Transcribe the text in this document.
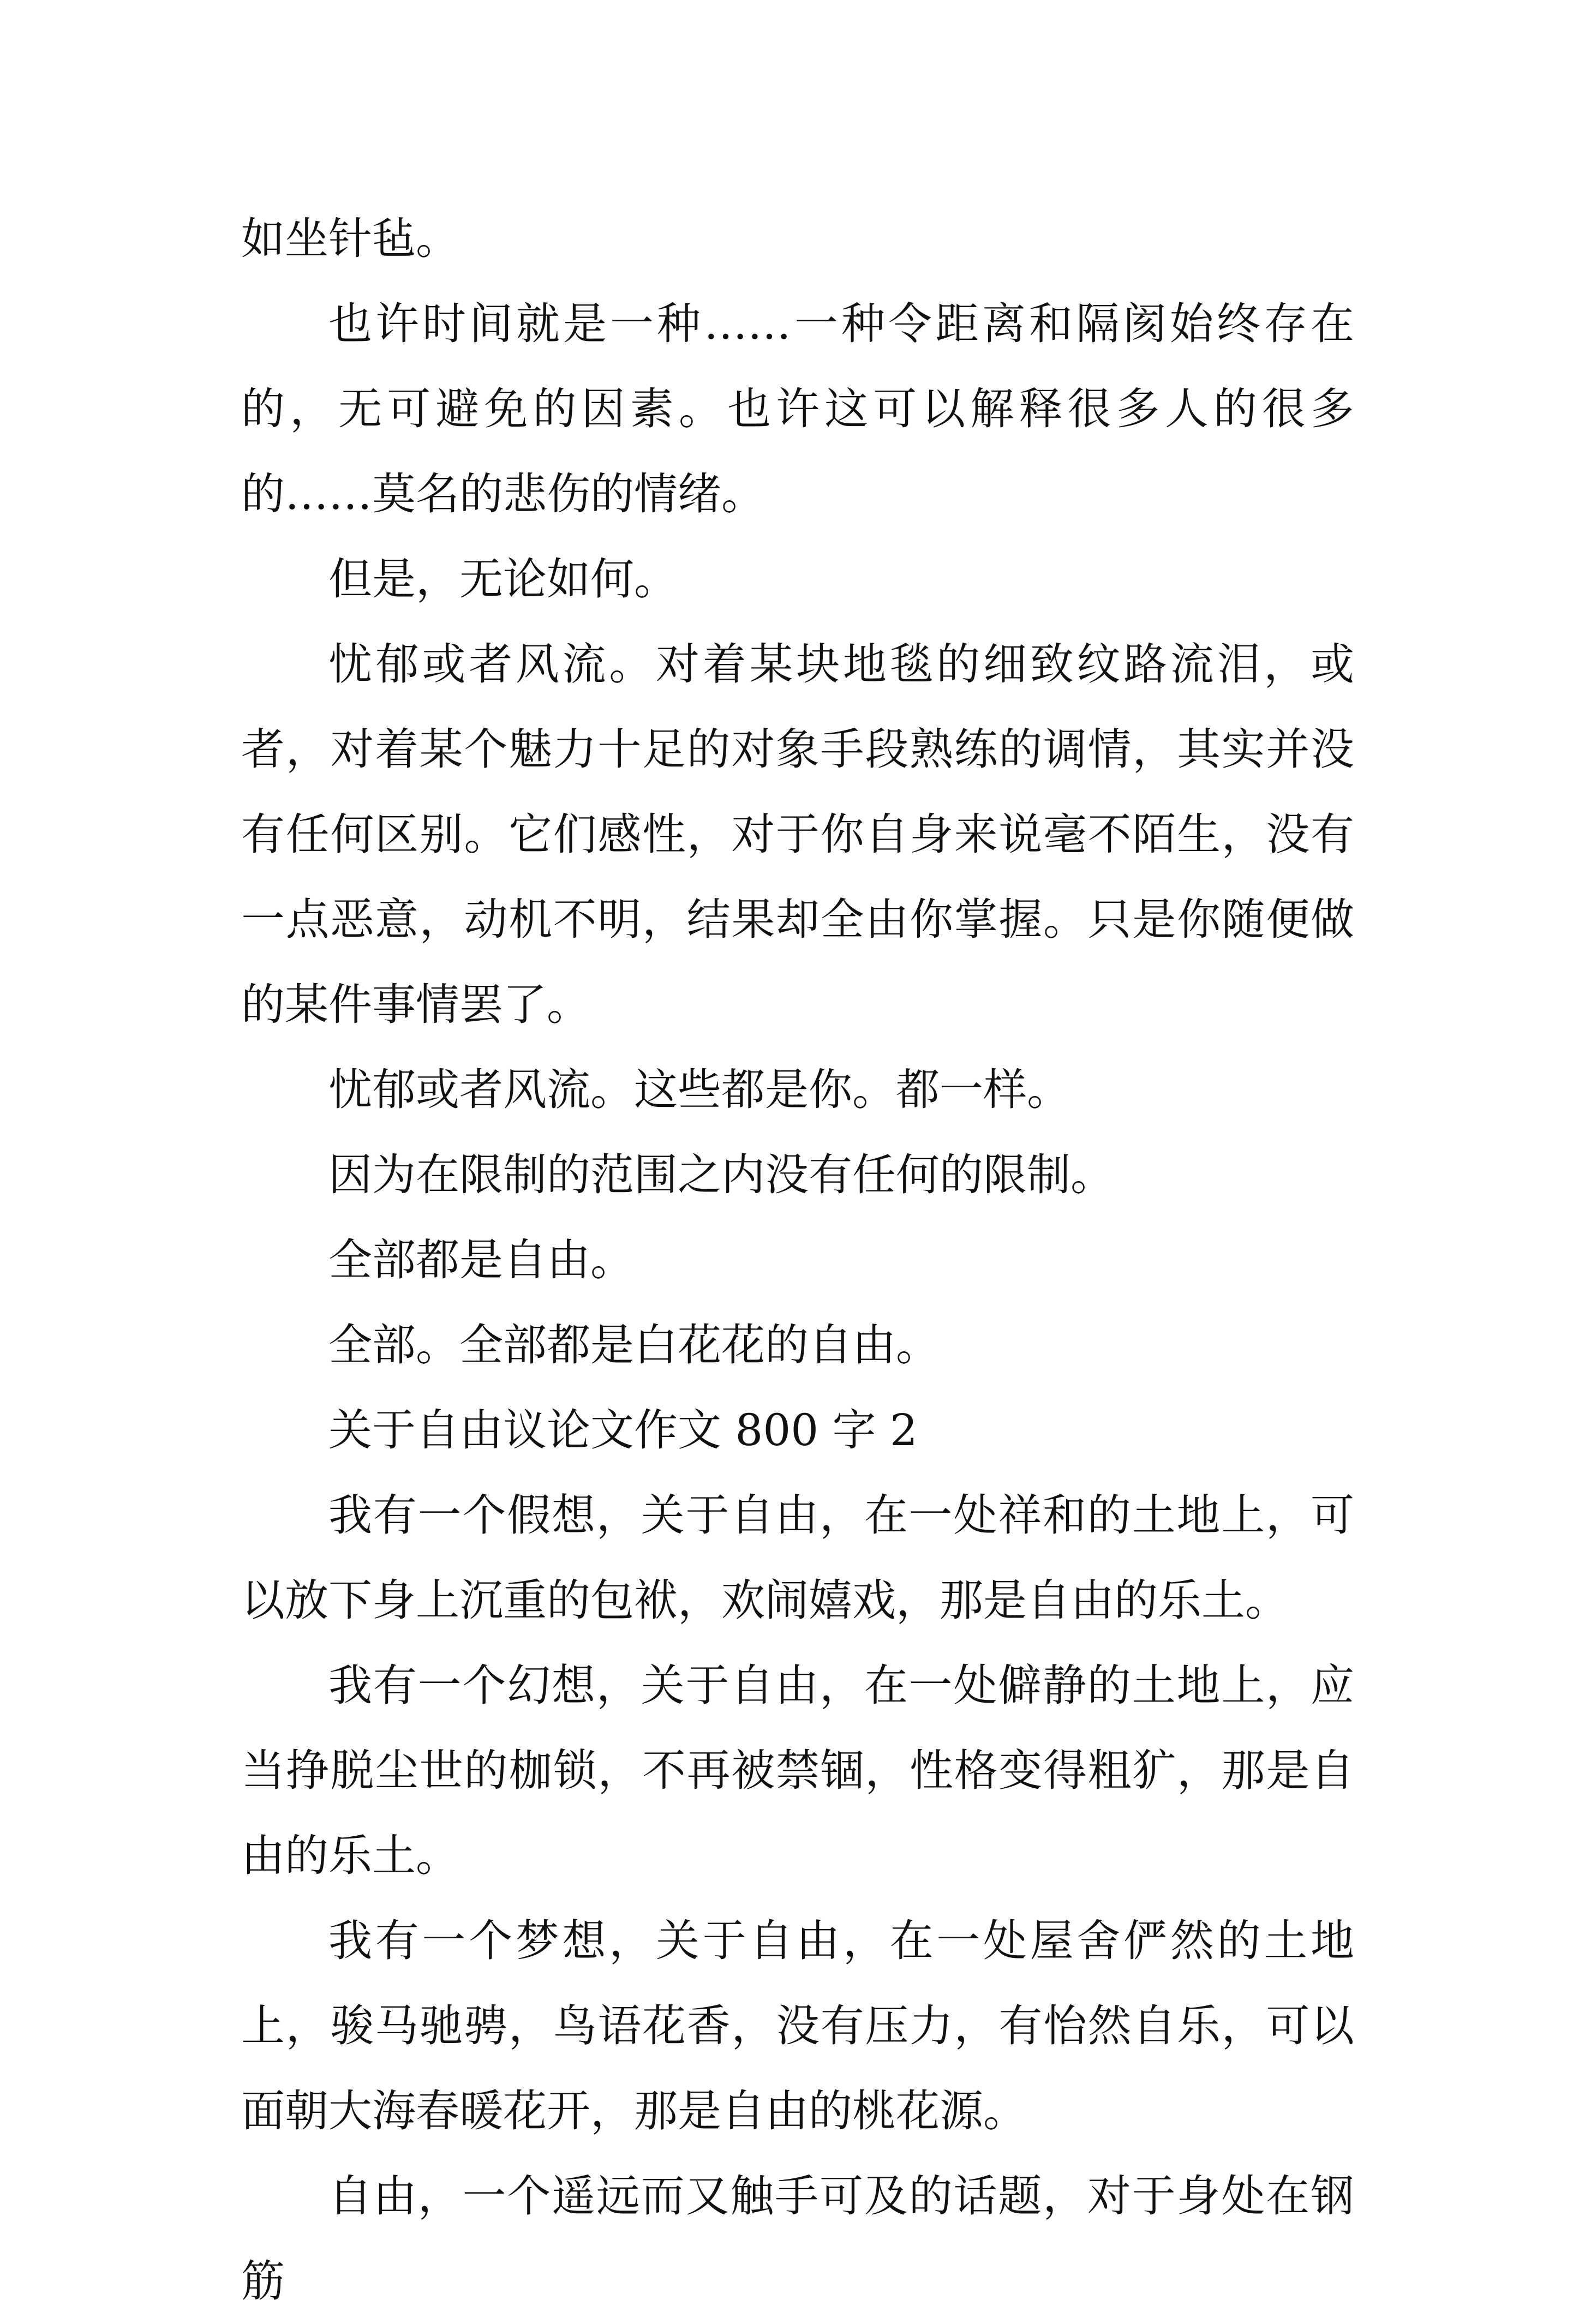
如坐针毡。

也许时间就是一种……一种令距离和隔阂始终存在的，无可避免的因素。也许这可以解释很多人的很多的……莫名的悲伤的情绪。

但是，无论如何。

忧郁或者风流。对着某块地毯的细致纹路流泪，或者，对着某个魅力十足的对象手段熟练的调情，其实并没有任何区别。它们感性，对于你自身来说毫不陌生，没有一点恶意，动机不明，结果却全由你掌握。只是你随便做的某件事情罢了。

忧郁或者风流。这些都是你。都一样。

因为在限制的范围之内没有任何的限制。

全部都是自由。

全部。全部都是白花花的自由。

关于自由议论文作文 800 字 2

我有一个假想，关于自由，在一处祥和的土地上，可以放下身上沉重的包袱，欢闹嬉戏，那是自由的乐土。

我有一个幻想，关于自由，在一处僻静的土地上，应当挣脱尘世的枷锁，不再被禁锢，性格变得粗犷，那是自由的乐土。

我有一个梦想，关于自由，在一处屋舍俨然的土地上，骏马驰骋，鸟语花香，没有压力，有怡然自乐，可以面朝大海春暖花开，那是自由的桃花源。

自由，一个遥远而又触手可及的话题，对于身处在钢筋
